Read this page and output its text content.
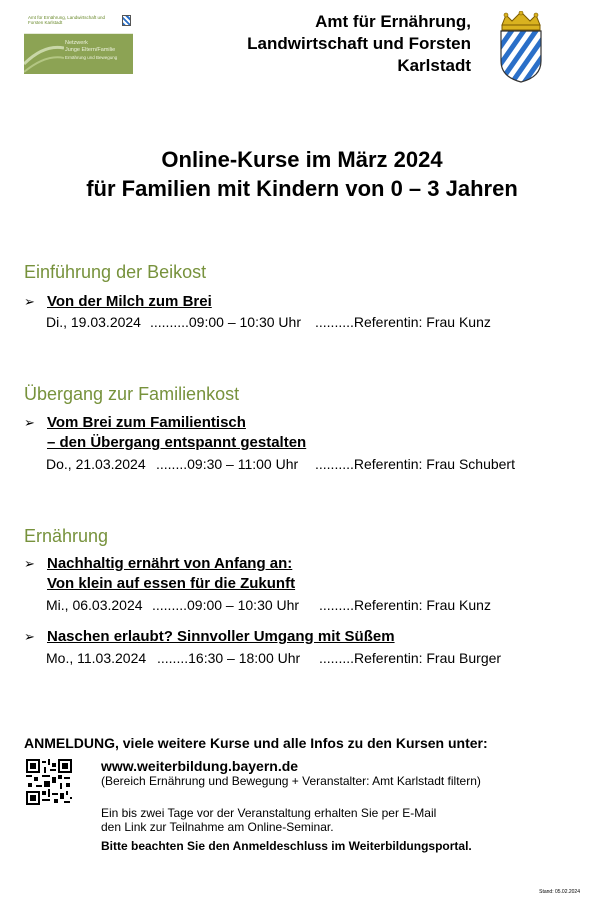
Amt für Ernährung, Landwirtschaft und Forsten Karlstadt
Netzwerk
Junge Eltern/Familie
Ernährung und Bewegung
Amt für Ernährung,
Landwirtschaft und Forsten
Karlstadt
Online-Kurse im März 2024
für Familien mit Kindern von 0 – 3 Jahren
Einführung der Beikost
➢ Von der Milch zum Brei
Di., 19.03.2024 ..........09:00 – 10:30 Uhr ..........Referentin: Frau Kunz
Übergang zur Familienkost
➢ Vom Brei zum Familientisch
– den Übergang entspannt gestalten
Do., 21.03.2024 ........09:30 – 11:00 Uhr ..........Referentin: Frau Schubert
Ernährung
➢ Nachhaltig ernährt von Anfang an:
Von klein auf essen für die Zukunft
Mi., 06.03.2024 .........09:00 – 10:30 Uhr .........Referentin: Frau Kunz
➢ Naschen erlaubt? Sinnvoller Umgang mit Süßem
Mo., 11.03.2024 ........16:30 – 18:00 Uhr .........Referentin: Frau Burger
ANMELDUNG, viele weitere Kurse und alle Infos zu den Kursen unter:
www.weiterbildung.bayern.de
(Bereich Ernährung und Bewegung + Veranstalter: Amt Karlstadt filtern)
Ein bis zwei Tage vor der Veranstaltung erhalten Sie per E-Mail
den Link zur Teilnahme am Online-Seminar.
Bitte beachten Sie den Anmeldeschluss im Weiterbildungsportal.
Stand: 05.02.2024
